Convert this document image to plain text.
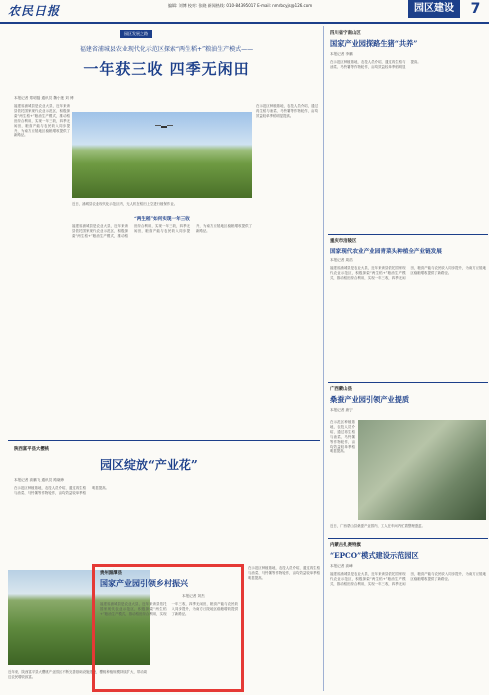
农民日报	编辑: 刘博 校对: 张晓 新闻热线: 010-84395017 E-mail: nmrbcyjs@126.com	园区建设	7
园区发展之路
福建省浦城县农业现代化示范区探索“两生稻+”粮油生产模式——
一年获三收 四季无闲田
本报记者 郑明磊 通讯员 魏小莲 刘 博
福建省浦城县是农业大县，近年来该县依托国家现代农业示范区，积极探索“两生稻+”粮油生产模式，推动稻田综合利用，实现一年三收，四季无闲田，粮食产能与农民收入同步提升，为南方丘陵地区稳粮增收提供了新路径。
在示范区种植基地，农技人员介绍，通过再生稻与油菜、马铃薯等作物轮作，亩均效益较单季稻明显提高。
近日，浦城县农业现代化示范区内，无人机在稻田上空进行植保作业。
“两生稻”如何实现一年三收
福建省浦城县是农业大县，近年来该县依托国家现代农业示范区，积极探索“两生稻+”粮油生产模式，推动稻田综合利用，实现一年三收，四季无闲田，粮食产能与农民收入同步提升，为南方丘陵地区稳粮增收提供了新路径。
四川省宁南山区
国家产业园探路生猪“共养”
本报记者 李鹏
在示范区种植基地，农技人员介绍，通过再生稻与油菜、马铃薯等作物轮作，亩均效益较单季稻明显提高。
重庆市涪陵区
国家现代农业产业园青菜头种植全产业链发展
本报记者 周浩
福建省浦城县是农业大县，近年来该县依托国家现代农业示范区，积极探索“两生稻+”粮油生产模式，推动稻田综合利用，实现一年三收，四季无闲田，粮食产能与农民收入同步提升，为南方丘陵地区稳粮增收提供了新路径。
广西蒙山县
桑蚕产业园引领产业提质
本报记者 唐宁
在示范区种植基地，农技人员介绍，通过再生稻与油菜、马铃薯等作物轮作，亩均效益较单季稻明显提高。
近日，广西蒙山县桑蚕产业园内，工人在车间内忙着整理蚕茧。
内蒙古扎赉特旗
“EPCO”模式建设示范园区
本报记者 高峰
福建省浦城县是农业大县，近年来该县依托国家现代农业示范区，积极探索“两生稻+”粮油生产模式，推动稻田综合利用，实现一年三收，四季无闲田，粮食产能与农民收入同步提升，为南方丘陵地区稳粮增收提供了新路径。
陕西富平县大樱桃
园区绽放“产业花”
本报记者 高鹏飞 通讯员 路晓珍
在示范区种植基地，农技人员介绍，通过再生稻与油菜、马铃薯等作物轮作，亩均效益较单季稻明显提高。
近年来，陕西富平县大樱桃产业园区不断完善基础设施建设，樱桃种植规模持续扩大，带动周边农民增收致富。
贵州湄潭县
国家产业园引领乡村振兴
本报记者 刘杰
福建省浦城县是农业大县，近年来该县依托国家现代农业示范区，积极探索“两生稻+”粮油生产模式，推动稻田综合利用，实现一年三收，四季无闲田，粮食产能与农民收入同步提升，为南方丘陵地区稳粮增收提供了新路径。
在示范区种植基地，农技人员介绍，通过再生稻与油菜、马铃薯等作物轮作，亩均效益较单季稻明显提高。
